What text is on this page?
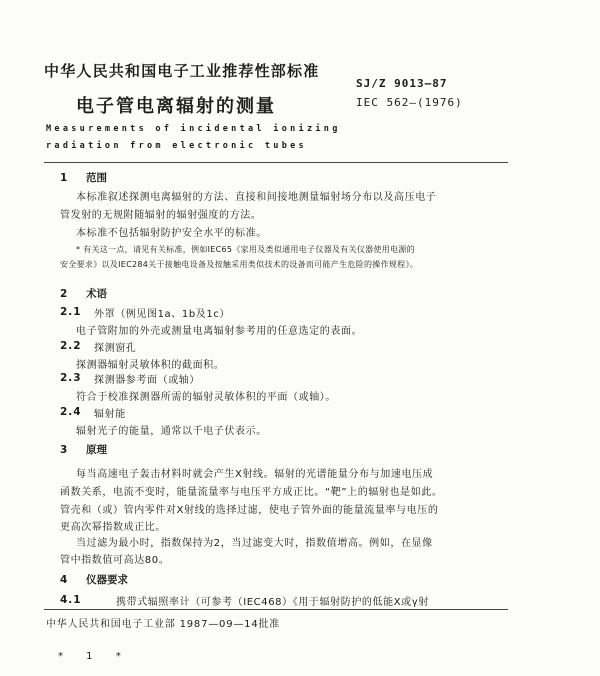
中华人民共和国电子工业推荐性部标准
SJ/Z 9013—87
电子管电离辐射的测量	IEC 562—(1976)
Measurements of incidental ionizing
radiation from electronic tubes
1 范围
本标准叙述探测电离辐射的方法、直接和间接地测量辐射场分布以及高压电子
管发射的无规附随辐射的辐射强度的方法。
本标准不包括辐射防护安全水平的标准。
* 有关这一点，请见有关标准，例如IEC65《家用及类似通用电子仪器及有关仪器使用电源的
安全要求》以及IEC284关于接触电设备及按触采用类似技术的设备而可能产生危险的操作规程》。
2 术语
2.1 外罩（例见图1a、1b及1c）
电子管附加的外壳或测量电离辐射参考用的任意选定的表面。
2.2 探测窗孔
探测器辐射灵敏体积的截面积。
2.3 探测器参考面（或轴）
符合于校准探测器所需的辐射灵敏体积的平面（或轴）。
2.4 辐射能
辐射光子的能量，通常以千电子伏表示。
3 原理
每当高速电子轰击材料时就会产生X射线。辐射的光谱能量分布与加速电压成
函数关系，电流不变时，能量流量率与电压平方成正比。“靶”上的辐射也是如此。
管壳和（或）管内零件对X射线的选择过滤，使电子管外面的能量流量率与电压的
更高次幂指数成正比。
当过滤为最小时，指数保持为2，当过滤变大时，指数值增高。例如，在显像
管中指数值可高达80。
4 仪器要求
4.1	携带式辐照率计（可参考（IEC468）《用于辐射防护的低能X或γ射
中华人民共和国电子工业部 1987—09—14批准
* 1 *
